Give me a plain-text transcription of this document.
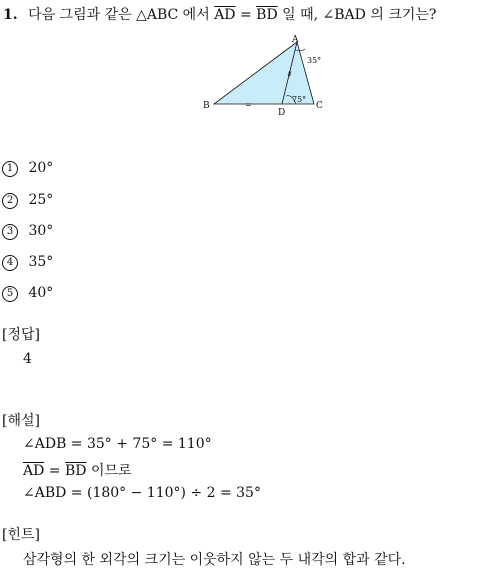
1. 다음 그림과 같은 △ABC 에서 $\overline{AD} = \overline{BD}$ 일 때, ∠BAD 의 크기는?
A
B	C
D
35°
75°
=
=
1 20°
2 25°
3 30°
4 35°
5 40°
[정답]
4
[해설]
∠ADB = 35° + 75° = 110°
$\overline{AD} = \overline{BD}$ 이므로
∠ABD = (180° − 110°) ÷ 2 = 35°
[힌트]
삼각형의 한 외각의 크기는 이웃하지 않는 두 내각의 합과 같다.
